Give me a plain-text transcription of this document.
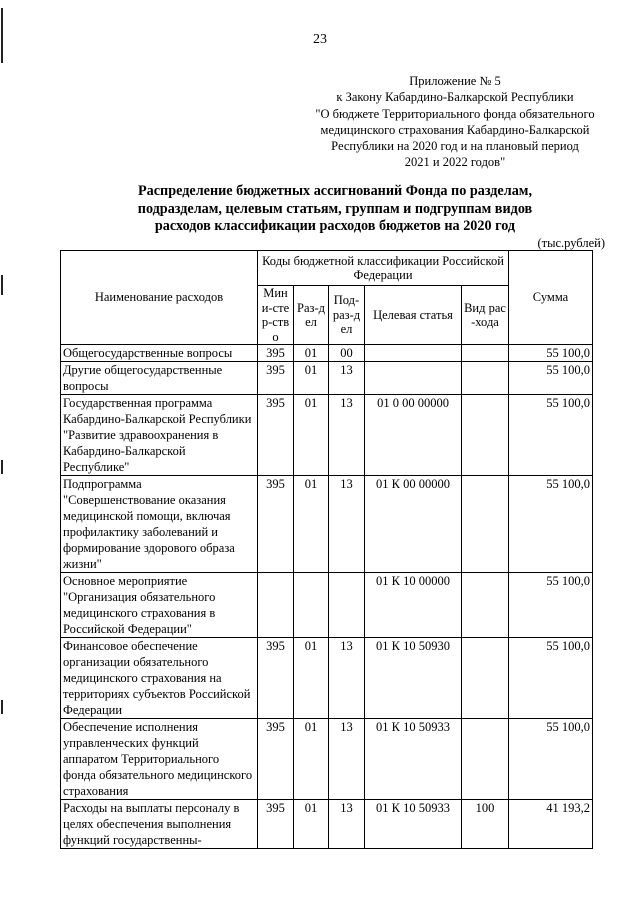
23
Приложение № 5
к Закону Кабардино-Балкарской Республики
"О бюджете Территориального фонда обязательного
медицинского страхования Кабардино-Балкарской
Республики на 2020 год и на плановый период
2021 и 2022 годов"
Распределение бюджетных ассигнований Фонда по разделам,
подразделам, целевым статьям, группам и подгруппам видов
расходов классификации расходов бюджетов на 2020 год
(тыс.рублей)
Наименование расходов	Коды бюджетной классификации Российской Федерации					Сумма
	Мини-стер-ство	Раз-дел	Под-раз-дел	Целевая статья	Вид рас-хода	
Общегосударственные вопросы	395	01	00			55 100,0
Другие общегосударственные вопросы	395	01	13			55 100,0
Государственная программа Кабардино-Балкарской Республики "Развитие здравоохранения в Кабардино-Балкарской Республике"	395	01	13	01 0 00 00000		55 100,0
Подпрограмма "Совершенствование оказания медицинской помощи, включая профилактику заболеваний и формирование здорового образа жизни"	395	01	13	01 К 00 00000		55 100,0
Основное мероприятие "Организация обязательного медицинского страхования в Российской Федерации"				01 К 10 00000		55 100,0
Финансовое обеспечение организации обязательного медицинского страхования на территориях субъектов Российской Федерации	395	01	13	01 К 10 50930		55 100,0
Обеспечение исполнения управленческих функций аппаратом Территориального фонда обязательного медицинского страхования	395	01	13	01 К 10 50933		55 100,0
Расходы на выплаты персоналу в целях обеспечения выполнения функций государственны-	395	01	13	01 К 10 50933	100	41 193,2
